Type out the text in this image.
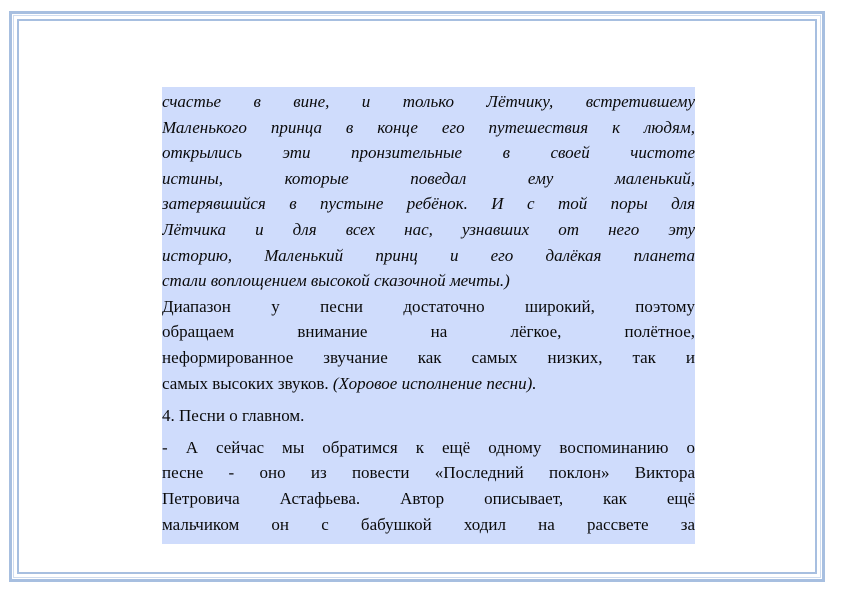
счастье в вине, и только Лётчику, встретившему
Маленького принца в конце его путешествия к людям,
открылись эти пронзительные в своей чистоте
истины, которые поведал ему маленький,
затерявшийся в пустыне ребёнок. И с той поры для
Лётчика и для всех нас, узнавших от него эту
историю, Маленький принц и его далёкая планета
стали воплощением высокой сказочной мечты.)
Диапазон у песни достаточно широкий, поэтому
обращаем внимание на лёгкое, полётное,
неформированное звучание как самых низких, так и
самых высоких звуков. (Хоровое исполнение песни).
4. Песни о главном.
- А сейчас мы обратимся к ещё одному воспоминанию о
песне - оно из повести «Последний поклон» Виктора
Петровича Астафьева. Автор описывает, как ещё
мальчиком он с бабушкой ходил на рассвете за
